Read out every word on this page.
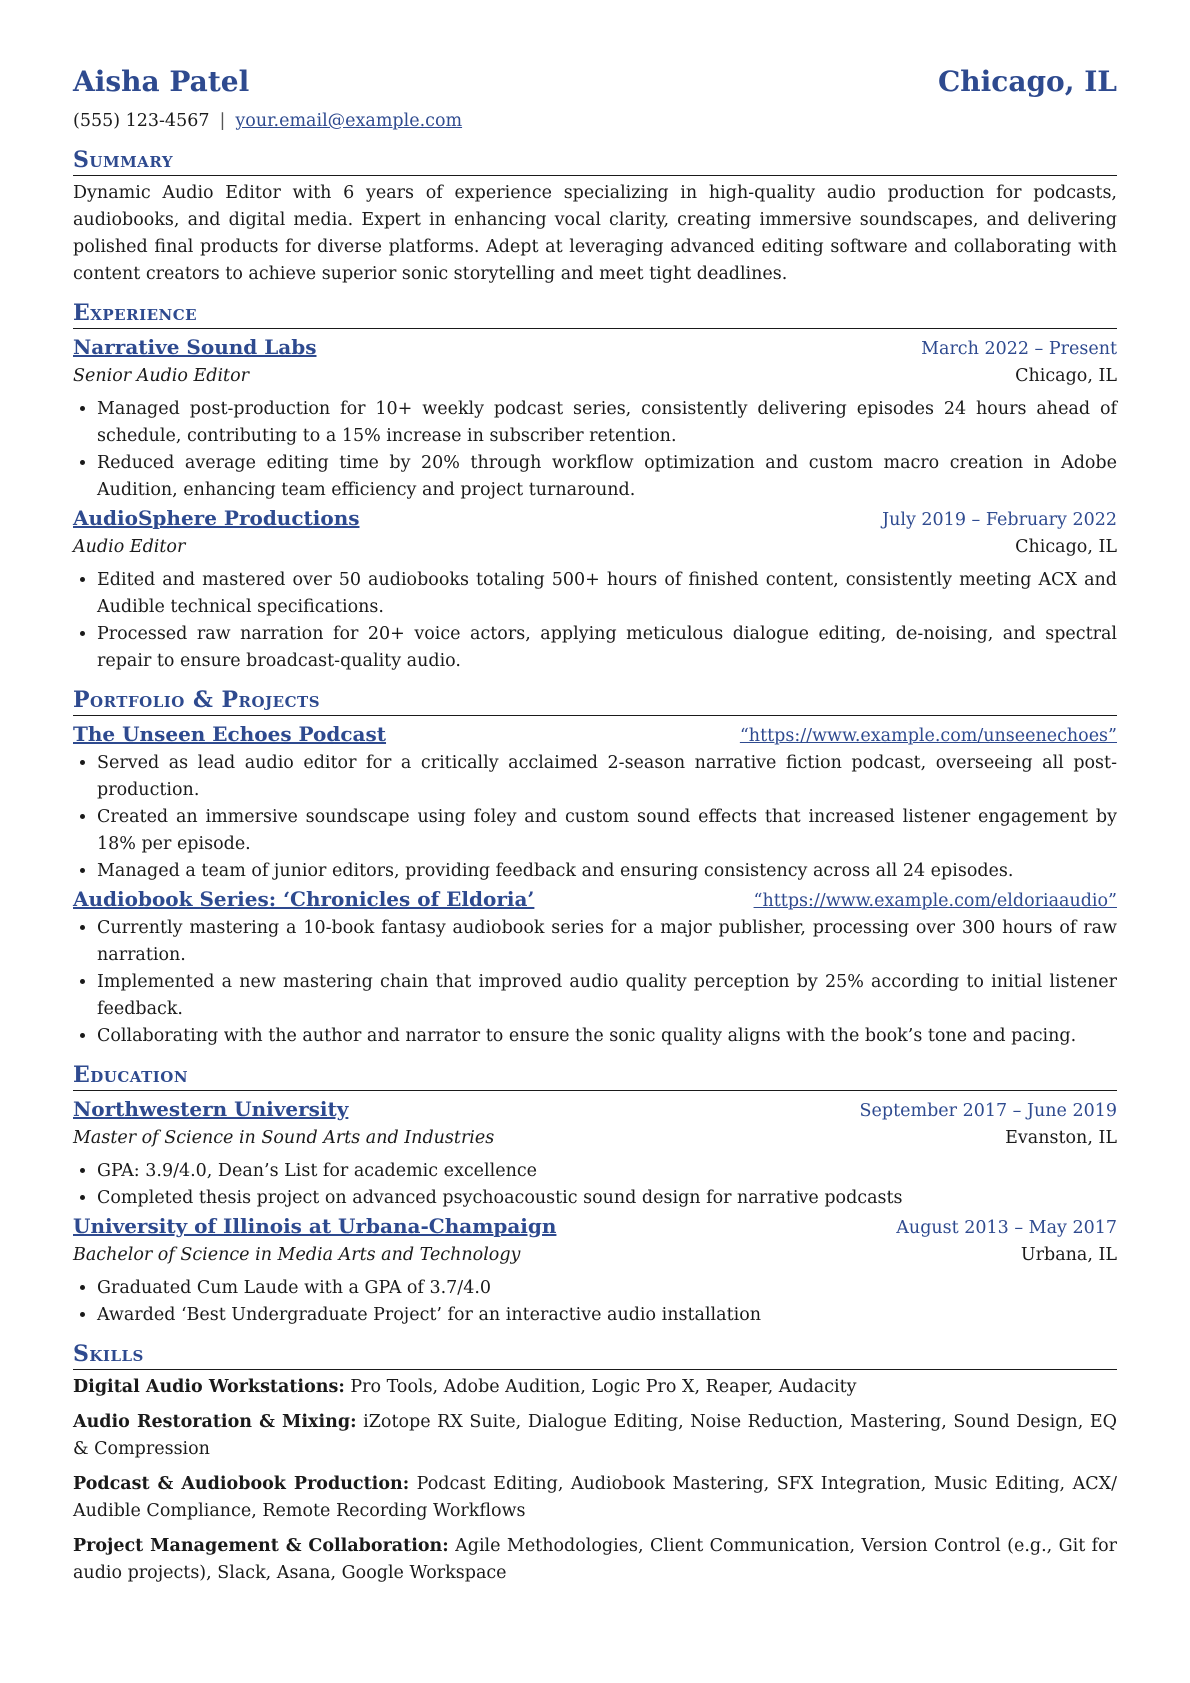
Aisha Patel	Chicago, IL
(555) 123-4567 | your.email@example.com
Summary
Dynamic Audio Editor with 6 years of experience specializing in high-quality audio production for podcasts, audiobooks, and digital media. Expert in enhancing vocal clarity, creating immersive soundscapes, and delivering polished final products for diverse platforms. Adept at leveraging advanced editing software and collaborating with content creators to achieve superior sonic storytelling and meet tight deadlines.
Experience
Narrative Sound Labs	March 2022 – Present
Senior Audio Editor	Chicago, IL
• Managed post-production for 10+ weekly podcast series, consistently delivering episodes 24 hours ahead of schedule, contributing to a 15% increase in subscriber retention.
• Reduced average editing time by 20% through workflow optimization and custom macro creation in Adobe Audition, enhancing team efficiency and project turnaround.
AudioSphere Productions	July 2019 – February 2022
Audio Editor	Chicago, IL
• Edited and mastered over 50 audiobooks totaling 500+ hours of finished content, consistently meeting ACX and Audible technical specifications.
• Processed raw narration for 20+ voice actors, applying meticulous dialogue editing, de-noising, and spectral repair to ensure broadcast-quality audio.
Portfolio & Projects
The Unseen Echoes Podcast	“https://www.example.com/unseenechoes”
• Served as lead audio editor for a critically acclaimed 2-season narrative fiction podcast, overseeing all post-production.
• Created an immersive soundscape using foley and custom sound effects that increased listener engagement by 18% per episode.
• Managed a team of junior editors, providing feedback and ensuring consistency across all 24 episodes.
Audiobook Series: ‘Chronicles of Eldoria’	“https://www.example.com/eldoriaaudio”
• Currently mastering a 10-book fantasy audiobook series for a major publisher, processing over 300 hours of raw narration.
• Implemented a new mastering chain that improved audio quality perception by 25% according to initial listener feedback.
• Collaborating with the author and narrator to ensure the sonic quality aligns with the book’s tone and pacing.
Education
Northwestern University	September 2017 – June 2019
Master of Science in Sound Arts and Industries	Evanston, IL
• GPA: 3.9/4.0, Dean’s List for academic excellence
• Completed thesis project on advanced psychoacoustic sound design for narrative podcasts
University of Illinois at Urbana-Champaign	August 2013 – May 2017
Bachelor of Science in Media Arts and Technology	Urbana, IL
• Graduated Cum Laude with a GPA of 3.7/4.0
• Awarded ‘Best Undergraduate Project’ for an interactive audio installation
Skills
Digital Audio Workstations: Pro Tools, Adobe Audition, Logic Pro X, Reaper, Audacity
Audio Restoration & Mixing: iZotope RX Suite, Dialogue Editing, Noise Reduction, Mastering, Sound Design, EQ & Compression
Podcast & Audiobook Production: Podcast Editing, Audiobook Mastering, SFX Integration, Music Editing, ACX/ Audible Compliance, Remote Recording Workflows
Project Management & Collaboration: Agile Methodologies, Client Communication, Version Control (e.g., Git for audio projects), Slack, Asana, Google Workspace
